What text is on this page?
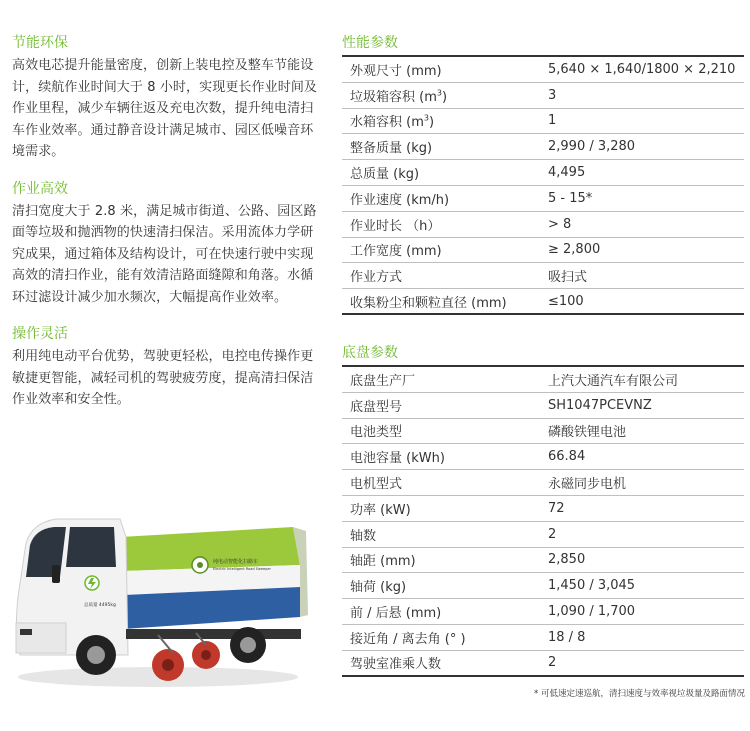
节能环保
高效电芯提升能量密度，创新上装电控及整车节能设计，续航作业时间大于 8 小时，实现更长作业时间及作业里程，减少车辆往返及充电次数，提升纯电清扫车作业效率。通过静音设计满足城市、园区低噪音环境需求。
作业高效
清扫宽度大于 2.8 米，满足城市街道、公路、园区路面等垃圾和抛洒物的快速清扫保洁。采用流体力学研究成果，通过箱体及结构设计，可在快速行驶中实现高效的清扫作业，能有效清洁路面缝隙和角落。水循环过滤设计减少加水频次，大幅提高作业效率。
操作灵活
利用纯电动平台优势，驾驶更轻松，电控电传操作更敏捷更智能，减轻司机的驾驶疲劳度，提高清扫保洁作业效率和安全性。
纯电动智能化扫路车
Electric Intelligent Road Sweeper
总质量 4495kg
性能参数
外观尺寸 (mm)	5,640 × 1,640/1800 × 2,210
垃圾箱容积 $(m^3)$	3
水箱容积 $(m^3)$	1
整备质量 (kg)	2,990 / 3,280
总质量 (kg)	4,495
作业速度 (km/h)	5 - 15*
作业时长 （h）	> 8
工作宽度 (mm)	≥ 2,800
作业方式	吸扫式
收集粉尘和颗粒直径 (mm)	≤100
底盘参数
底盘生产厂	上汽大通汽车有限公司
底盘型号	SH1047PCEVNZ
电池类型	磷酸铁锂电池
电池容量 (kWh)	66.84
电机型式	永磁同步电机
功率 (kW)	72
轴数	2
轴距 (mm)	2,850
轴荷 (kg)	1,450 / 3,045
前 / 后悬 (mm)	1,090 / 1,700
接近角 / 离去角 (° )	18 / 8
驾驶室准乘人数	2
* 可低速定速巡航，清扫速度与效率视垃圾量及路面情况
